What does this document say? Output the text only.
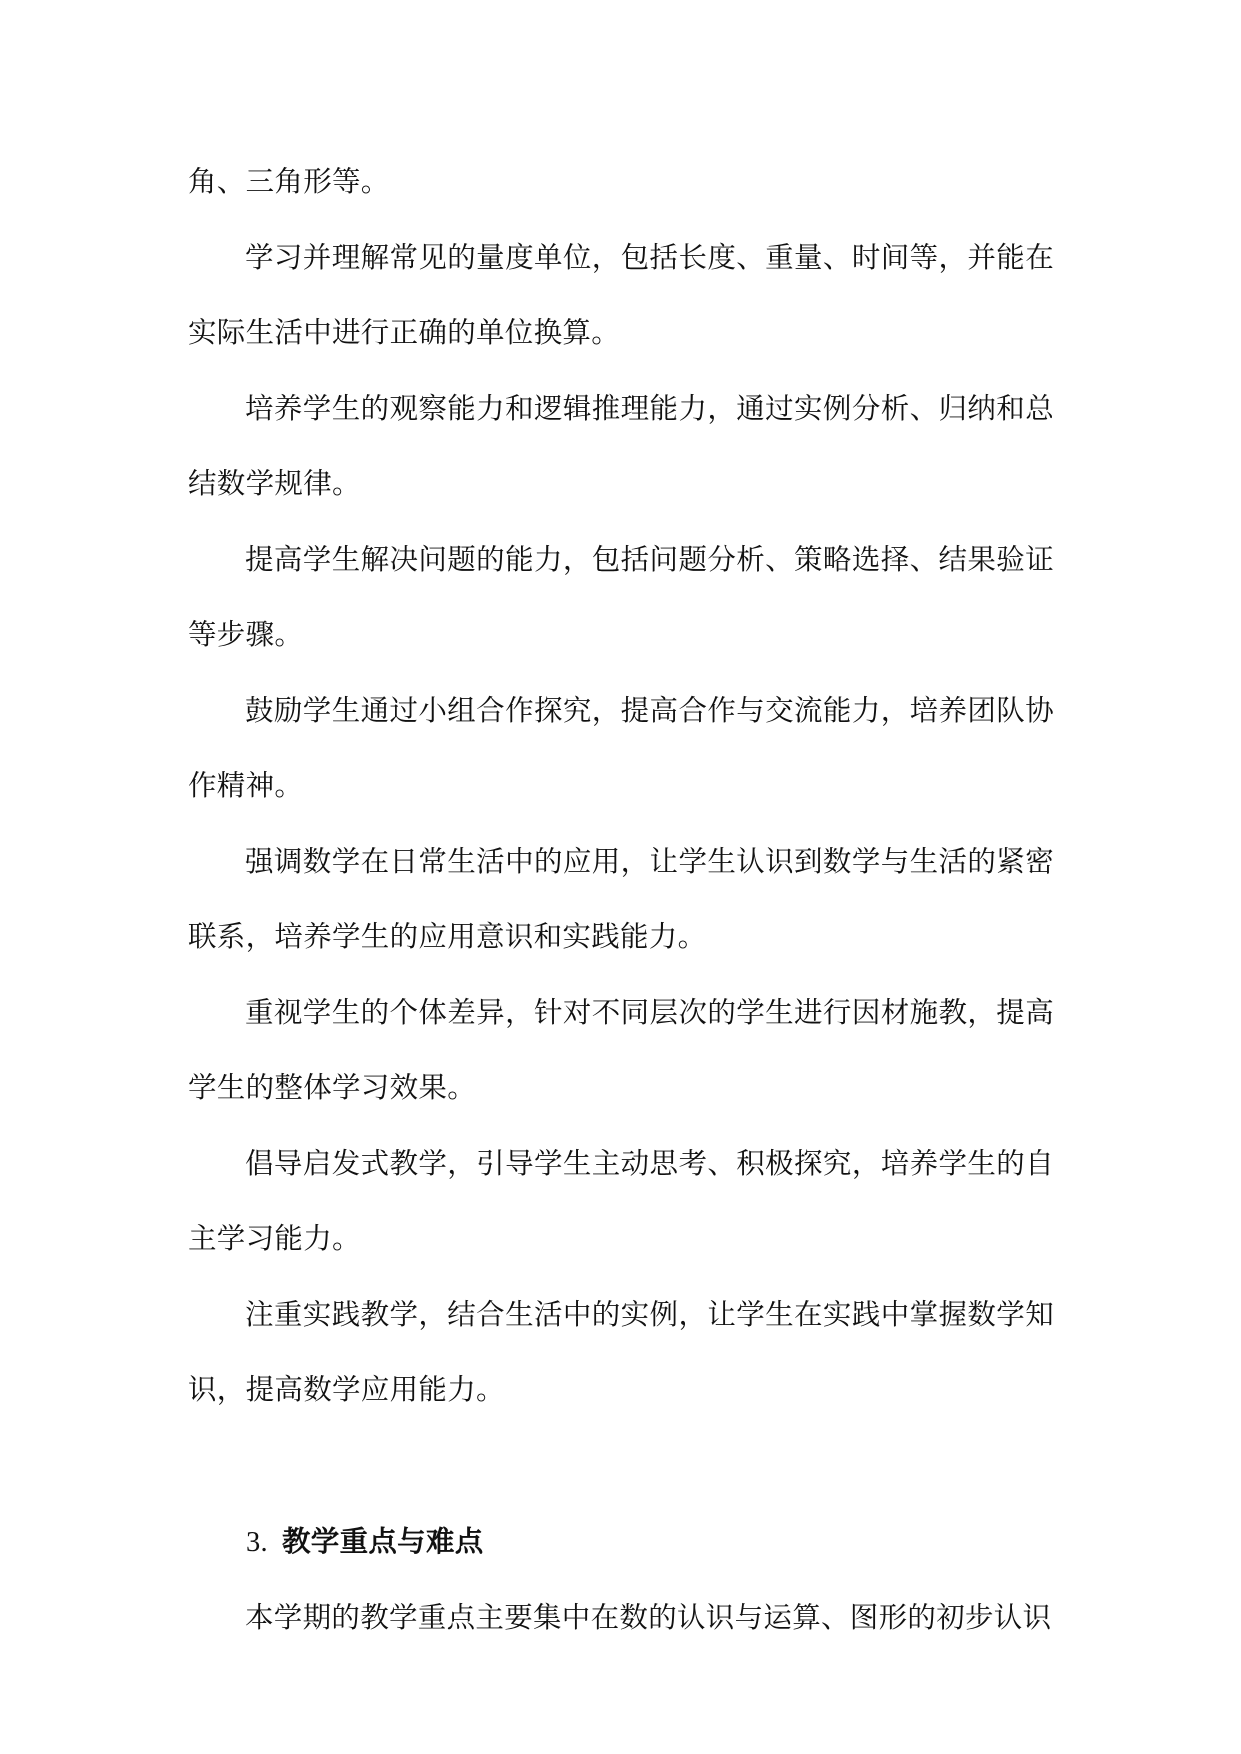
角、三角形等。

学习并理解常见的量度单位，包括长度、重量、时间等，并能在实际生活中进行正确的单位换算。

培养学生的观察能力和逻辑推理能力，通过实例分析、归纳和总结数学规律。

提高学生解决问题的能力，包括问题分析、策略选择、结果验证等步骤。

鼓励学生通过小组合作探究，提高合作与交流能力，培养团队协作精神。

强调数学在日常生活中的应用，让学生认识到数学与生活的紧密联系，培养学生的应用意识和实践能力。

重视学生的个体差异，针对不同层次的学生进行因材施教，提高学生的整体学习效果。

倡导启发式教学，引导学生主动思考、积极探究，培养学生的自主学习能力。

注重实践教学，结合生活中的实例，让学生在实践中掌握数学知识，提高数学应用能力。

3. 教学重点与难点

本学期的教学重点主要集中在数的认识与运算、图形的初步认识
